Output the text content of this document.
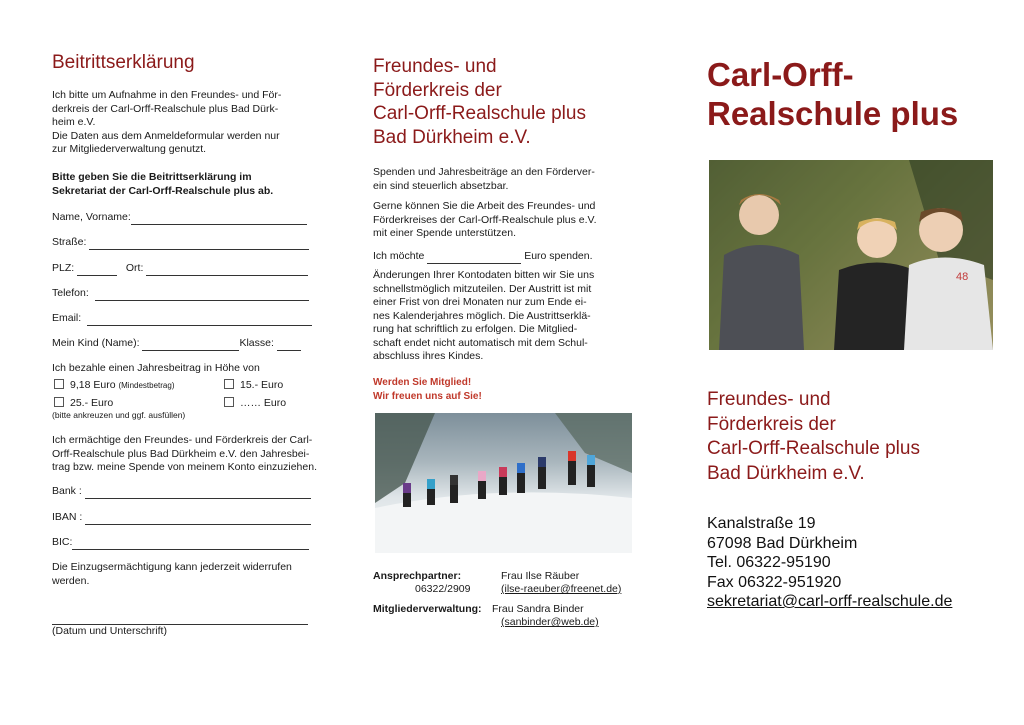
Beitrittserklärung
Ich bitte um Aufnahme in den Freundes- und För-
derkreis der Carl-Orff-Realschule plus Bad Dürk-
heim e.V.
Die Daten aus dem Anmeldeformular werden nur
zur Mitgliederverwaltung genutzt.
Bitte geben Sie die Beitrittserklärung im
Sekretariat der Carl-Orff-Realschule plus ab.
Name, Vorname:
Straße:
PLZ:	Ort:
Telefon:
Email:
Mein Kind (Name):	Klasse:
Ich bezahle einen Jahresbeitrag in Höhe von
9,18 Euro (Mindestbetrag)	15.- Euro
25.- Euro	…… Euro
(bitte ankreuzen und ggf. ausfüllen)
Ich ermächtige den Freundes- und Förderkreis der Carl-
Orff-Realschule plus Bad Dürkheim e.V. den Jahresbei-
trag bzw. meine Spende von meinem Konto einzuziehen.
Bank :
IBAN :
BIC:
Die Einzugsermächtigung kann jederzeit widerrufen
werden.
(Datum und Unterschrift)
Freundes- und
Förderkreis der
Carl-Orff-Realschule plus
Bad Dürkheim e.V.
Spenden und Jahresbeiträge an den Förderver-
ein sind steuerlich absetzbar.
Gerne können Sie die Arbeit des Freundes- und
Förderkreises der Carl-Orff-Realschule plus e.V.
mit einer Spende unterstützen.
Ich möchte	Euro spenden.
Änderungen Ihrer Kontodaten bitten wir Sie uns
schnellstmöglich mitzuteilen. Der Austritt ist mit
einer Frist von drei Monaten nur zum Ende ei-
nes Kalenderjahres möglich. Die Austrittserklä-
rung hat schriftlich zu erfolgen. Die Mitglied-
schaft endet nicht automatisch mit dem Schul-
abschluss ihres Kindes.
Werden Sie Mitglied!
Wir freuen uns auf Sie!
Ansprechpartner:	Frau Ilse Räuber
06322/2909	(ilse-raeuber@freenet.de)
Mitgliederverwaltung: Frau Sandra Binder
(sanbinder@web.de)
Carl-Orff-
Realschule plus
48
Freundes- und
Förderkreis der
Carl-Orff-Realschule plus
Bad Dürkheim e.V.
Kanalstraße 19
67098 Bad Dürkheim
Tel. 06322-95190
Fax 06322-951920
sekretariat@carl-orff-realschule.de
